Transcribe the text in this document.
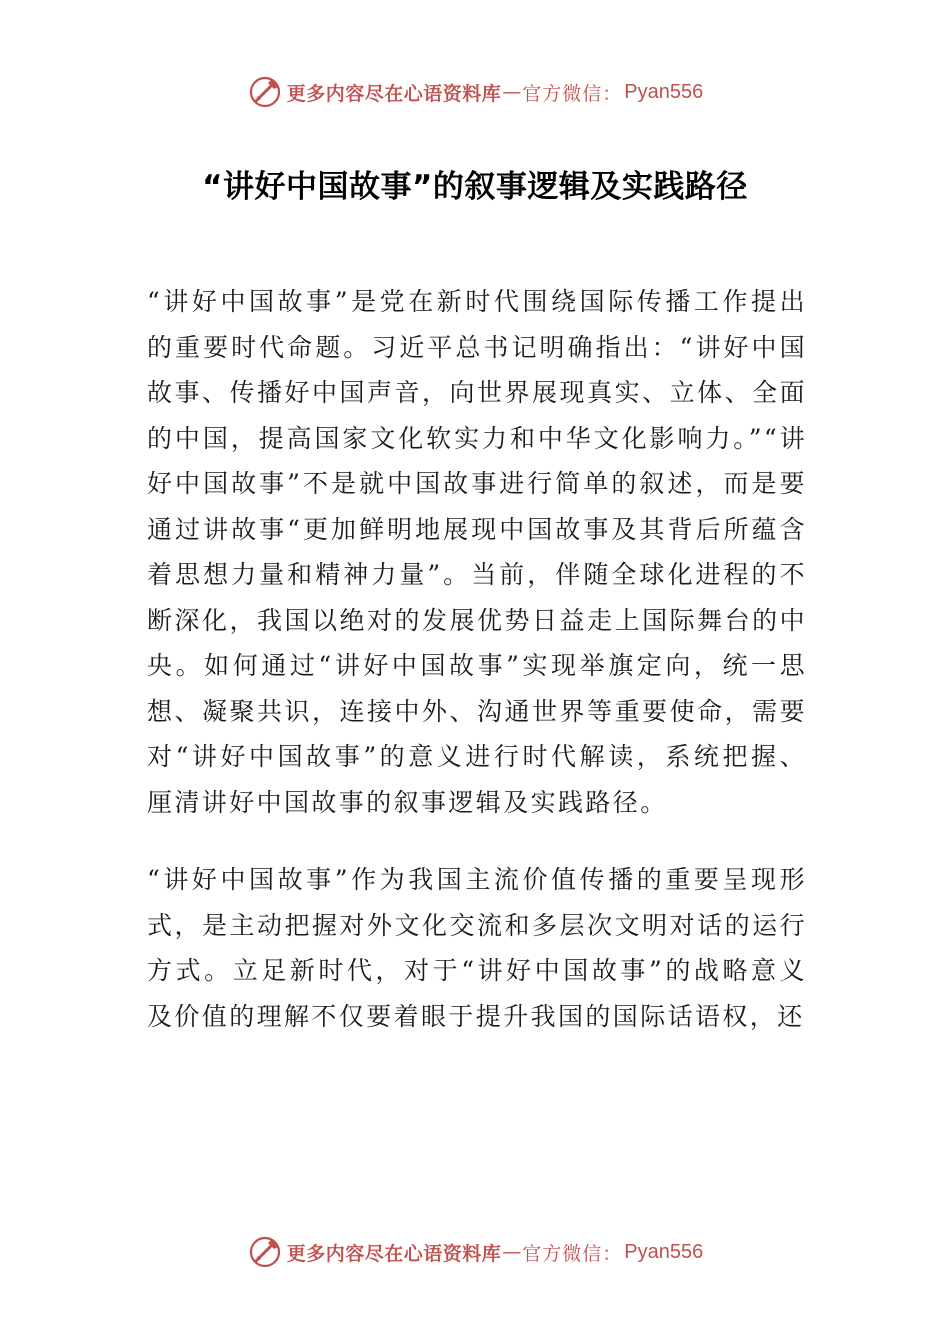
更多内容尽在心语资料库 — 官方微信： Pyan556
“讲好中国故事”的叙事逻辑及实践路径

“讲好中国故事”是党在新时代围绕国际传播工作提出的重要时代命题。习近平总书记明确指出：“讲好中国故事、传播好中国声音，向世界展现真实、立体、全面的中国，提高国家文化软实力和中华文化影响力。”“讲好中国故事”不是就中国故事进行简单的叙述，而是要通过讲故事“更加鲜明地展现中国故事及其背后所蕴含着思想力量和精神力量”。当前，伴随全球化进程的不断深化，我国以绝对的发展优势日益走上国际舞台的中央。如何通过“讲好中国故事”实现举旗定向，统一思想、凝聚共识，连接中外、沟通世界等重要使命，需要对“讲好中国故事”的意义进行时代解读，系统把握、厘清讲好中国故事的叙事逻辑及实践路径。

“讲好中国故事”作为我国主流价值传播的重要呈现形式，是主动把握对外文化交流和多层次文明对话的运行方式。立足新时代，对于“讲好中国故事”的战略意义及价值的理解不仅要着眼于提升我国的国际话语权，还

更多内容尽在心语资料库 — 官方微信： Pyan556
